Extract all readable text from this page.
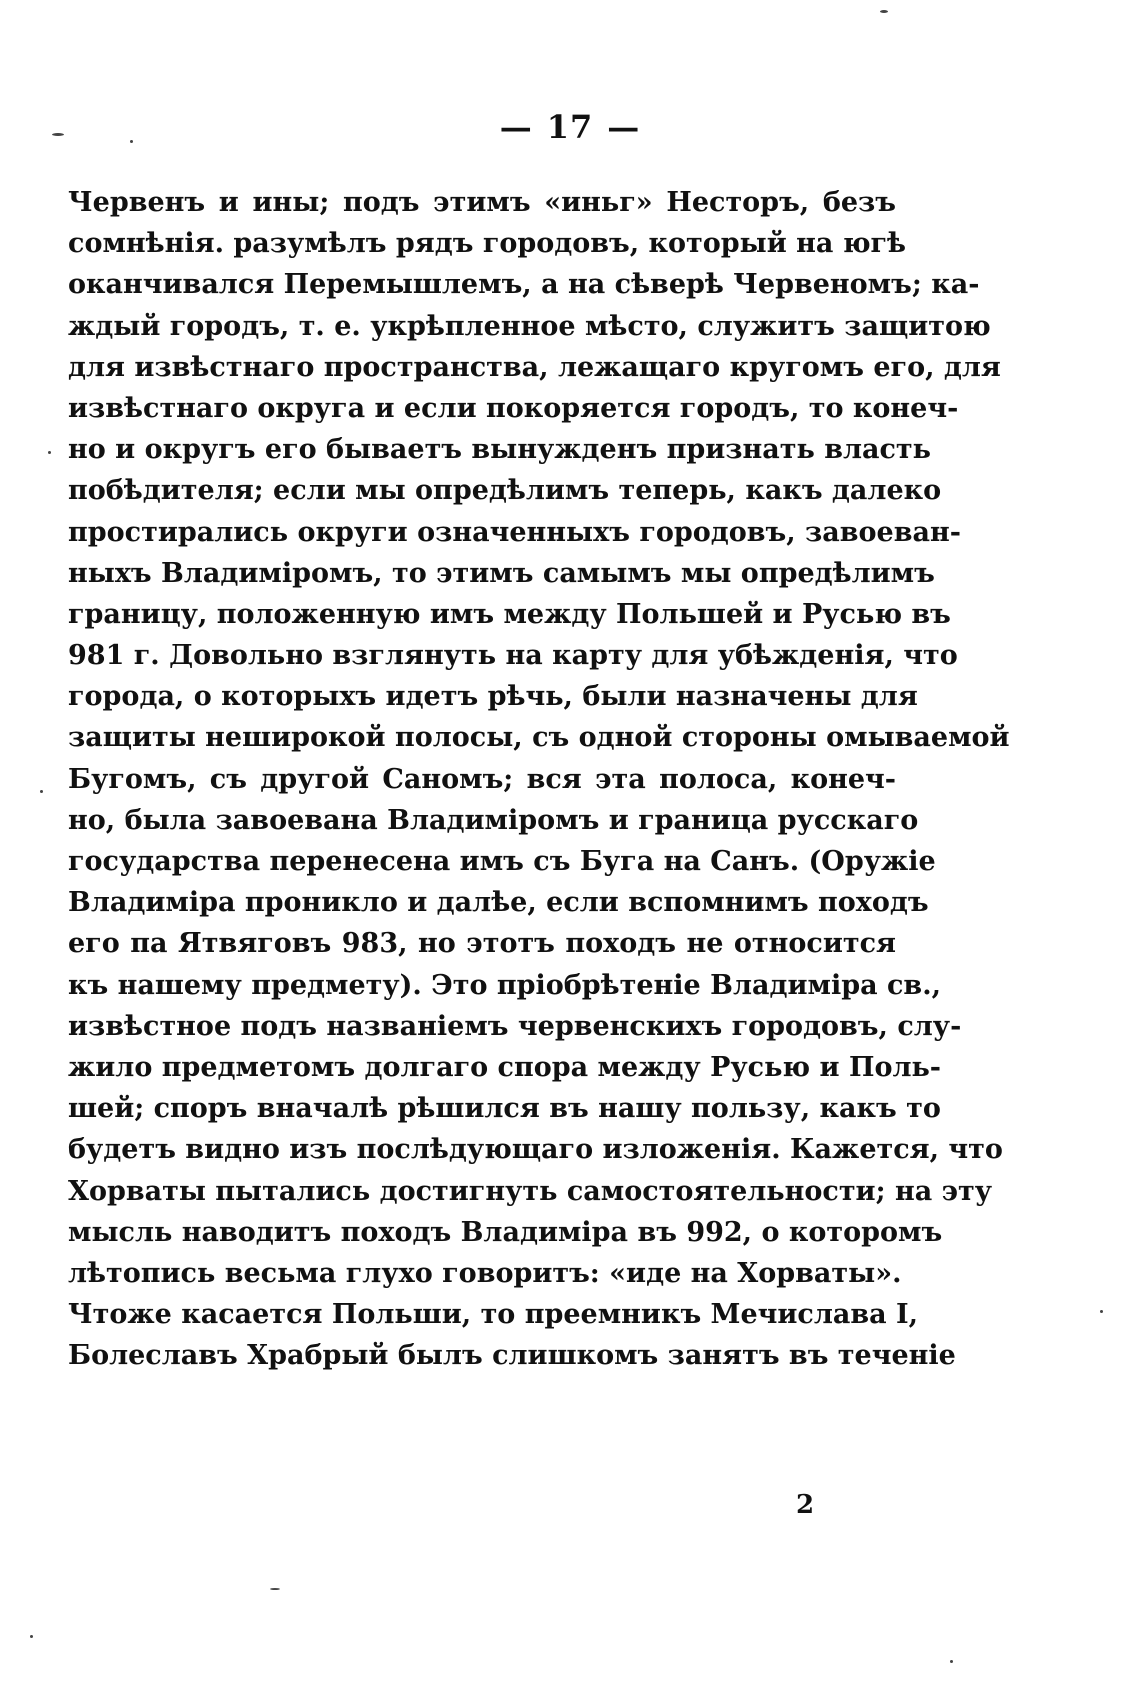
— 17 —
Червенъ и ины; подъ этимъ «иньг» Несторъ, безъ
сомнѣнія. разумѣлъ рядъ городовъ, который на югѣ
оканчивался Перемышлемъ, а на сѣверѣ Червеномъ; ка-
ждый городъ, т. е. укрѣпленное мѣсто, служитъ защитою
для извѣстнаго пространства, лежащаго кругомъ его, для
извѣстнаго округа и если покоряется городъ, то конеч-
но и округъ его бываетъ вынужденъ признать власть
побѣдителя; если мы опредѣлимъ теперь, какъ далеко
простирались округи означенныхъ городовъ, завоеван-
ныхъ Владиміромъ, то этимъ самымъ мы опредѣлимъ
границу, положенную имъ между Польшей и Русью въ
981 г. Довольно взглянуть на карту для убѣжденія, что
города, о которыхъ идетъ рѣчь, были назначены для
защиты неширокой полосы, съ одной стороны омываемой
Бугомъ, съ другой Саномъ; вся эта полоса, конеч-
но, была завоевана Владиміромъ и граница русскаго
государства перенесена имъ съ Буга на Санъ. (Оружіе
Владиміра проникло и далѣе, если вспомнимъ походъ
его па Ятвяговъ 983, но этотъ походъ не относится
къ нашему предмету). Это пріобрѣтеніе Владиміра св.,
извѣстное подъ названіемъ червенскихъ городовъ, слу-
жило предметомъ долгаго спора между Русью и Поль-
шей; споръ вначалѣ рѣшился въ нашу пользу, какъ то
будетъ видно изъ послѣдующаго изложенія. Кажется, что
Хорваты пытались достигнуть самостоятельности; на эту
мысль наводитъ походъ Владиміра въ 992, о которомъ
лѣтопись весьма глухо говоритъ: «иде на Хорваты».
Чтоже касается Польши, то преемникъ Мечислава I,
Болеславъ Храбрый былъ слишкомъ занятъ въ теченіе
2
